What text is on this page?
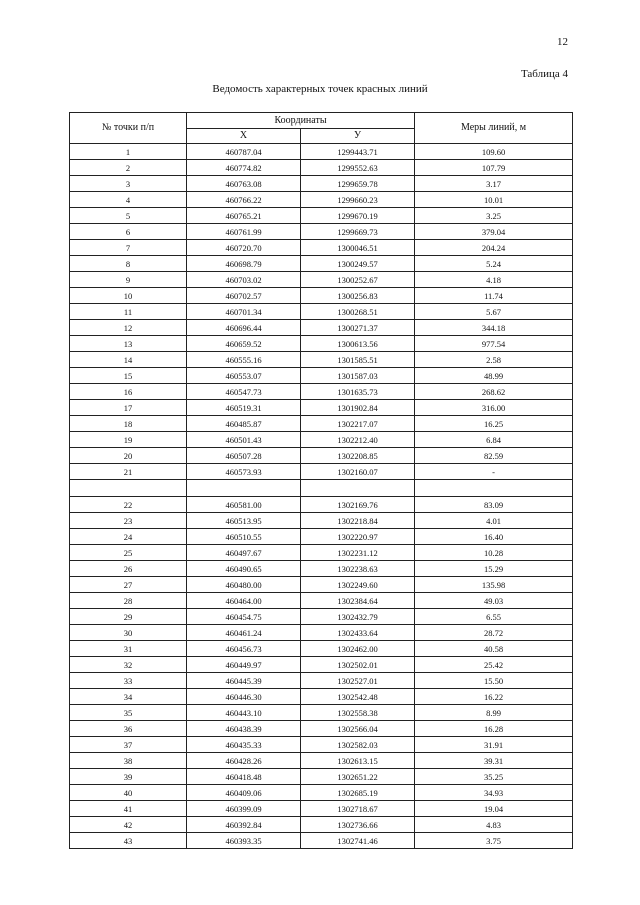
12
Таблица 4
Ведомость характерных точек красных линий
№ точки п/п	Координаты		Меры линий, м
	X	У	
1	460787.04	1299443.71	109.60
2	460774.82	1299552.63	107.79
3	460763.08	1299659.78	3.17
4	460766.22	1299660.23	10.01
5	460765.21	1299670.19	3.25
6	460761.99	1299669.73	379.04
7	460720.70	1300046.51	204.24
8	460698.79	1300249.57	5.24
9	460703.02	1300252.67	4.18
10	460702.57	1300256.83	11.74
11	460701.34	1300268.51	5.67
12	460696.44	1300271.37	344.18
13	460659.52	1300613.56	977.54
14	460555.16	1301585.51	2.58
15	460553.07	1301587.03	48.99
16	460547.73	1301635.73	268.62
17	460519.31	1301902.84	316.00
18	460485.87	1302217.07	16.25
19	460501.43	1302212.40	6.84
20	460507.28	1302208.85	82.59
21	460573.93	1302160.07	-

22	460581.00	1302169.76	83.09
23	460513.95	1302218.84	4.01
24	460510.55	1302220.97	16.40
25	460497.67	1302231.12	10.28
26	460490.65	1302238.63	15.29
27	460480.00	1302249.60	135.98
28	460464.00	1302384.64	49.03
29	460454.75	1302432.79	6.55
30	460461.24	1302433.64	28.72
31	460456.73	1302462.00	40.58
32	460449.97	1302502.01	25.42
33	460445.39	1302527.01	15.50
34	460446.30	1302542.48	16.22
35	460443.10	1302558.38	8.99
36	460438.39	1302566.04	16.28
37	460435.33	1302582.03	31.91
38	460428.26	1302613.15	39.31
39	460418.48	1302651.22	35.25
40	460409.06	1302685.19	34.93
41	460399.09	1302718.67	19.04
42	460392.84	1302736.66	4.83
43	460393.35	1302741.46	3.75
